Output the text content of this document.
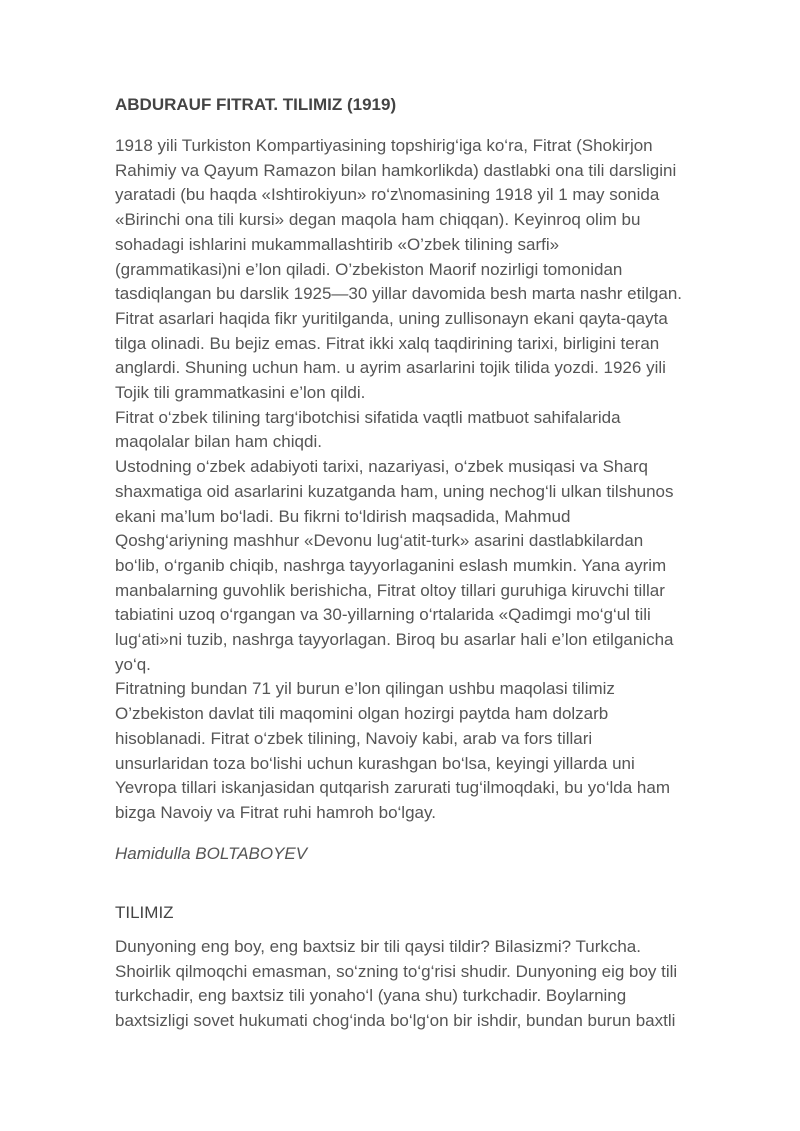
ABDURAUF FITRAT. TILIMIZ (1919)
1918 yili Turkiston Kompartiyasining topshirig‘iga ko‘ra, Fitrat (Shokirjon
Rahimiy va Qayum Ramazon bilan hamkorlikda) dastlabki ona tili darsligini
yaratadi (bu haqda «Ishtirokiyun» ro‘z\nomasining 1918 yil 1 may sonida
«Birinchi ona tili kursi» degan maqola ham chiqqan). Keyinroq olim bu
sohadagi ishlarini mukammallashtirib «O’zbek tilining sarfi»
(grammatikasi)ni e’lon qiladi. O’zbekiston Maorif nozirligi tomonidan
tasdiqlangan bu darslik 1925—30 yillar davomida besh marta nashr etilgan.
Fitrat asarlari haqida fikr yuritilganda, uning zullisonayn ekani qayta-qayta
tilga olinadi. Bu bejiz emas. Fitrat ikki xalq taqdirining tarixi, birligini teran
anglardi. Shuning uchun ham. u ayrim asarlarini tojik tilida yozdi. 1926 yili
Tojik tili grammatkasini e’lon qildi.
Fitrat o‘zbek tilining targ‘ibotchisi sifatida vaqtli matbuot sahifalarida
maqolalar bilan ham chiqdi.
Ustodning o‘zbek adabiyoti tarixi, nazariyasi, o‘zbek musiqasi va Sharq
shaxmatiga oid asarlarini kuzatganda ham, uning nechog‘li ulkan tilshunos
ekani ma’lum bo‘ladi. Bu fikrni to‘ldirish maqsadida, Mahmud
Qoshg‘ariyning mashhur «Devonu lug‘atit-turk» asarini dastlabkilardan
bo‘lib, o‘rganib chiqib, nashrga tayyorlaganini eslash mumkin. Yana ayrim
manbalarning guvohlik berishicha, Fitrat oltoy tillari guruhiga kiruvchi tillar
tabiatini uzoq o‘rgangan va 30-yillarning o‘rtalarida «Qadimgi mo‘g‘ul tili
lug‘ati»ni tuzib, nashrga tayyorlagan. Biroq bu asarlar hali e’lon etilganicha
yo‘q.
Fitratning bundan 71 yil burun e’lon qilingan ushbu maqolasi tilimiz
O’zbekiston davlat tili maqomini olgan hozirgi paytda ham dolzarb
hisoblanadi. Fitrat o‘zbek tilining, Navoiy kabi, arab va fors tillari
unsurlaridan toza bo‘lishi uchun kurashgan bo‘lsa, keyingi yillarda uni
Yevropa tillari iskanjasidan qutqarish zarurati tug‘ilmoqdaki, bu yo‘lda ham
bizga Navoiy va Fitrat ruhi hamroh bo‘lgay.
Hamidulla BOLTABOYEV
TILIMIZ
Dunyoning eng boy, eng baxtsiz bir tili qaysi tildir? Bilasizmi? Turkcha.
Shoirlik qilmoqchi emasman, so‘zning to‘g‘risi shudir. Dunyoning eig boy tili
turkchadir, eng baxtsiz tili yonaho‘l (yana shu) turkchadir. Boylarning
baxtsizligi sovet hukumati chog‘inda bo‘lg‘on bir ishdir, bundan burun baxtli
